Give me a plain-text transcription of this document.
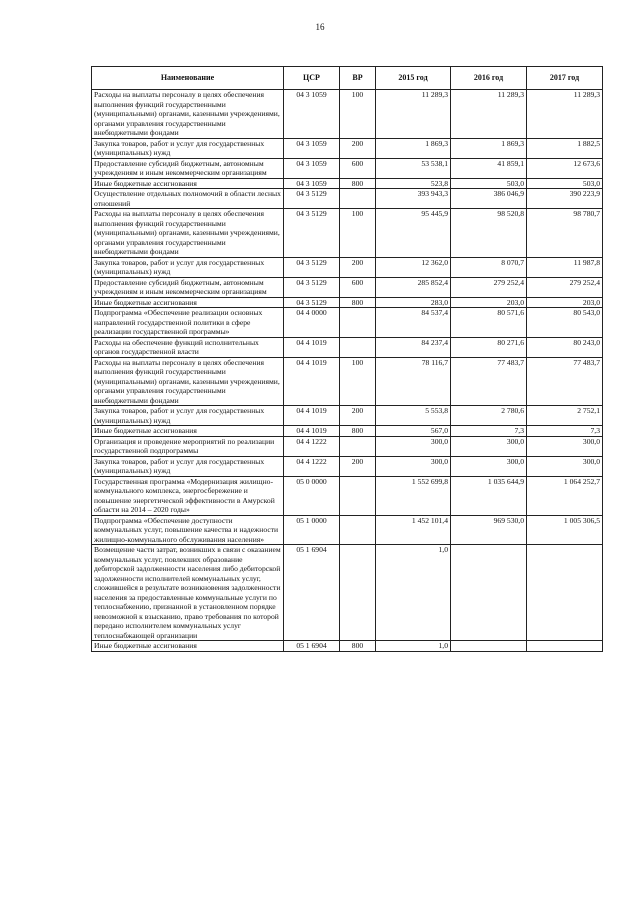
16
Наименование	ЦСР	ВР	2015 год	2016 год	2017 год
Расходы на выплаты персоналу в целях обеспечения выполнения функций государственными (муниципальными) органами, казенными учреждениями, органами управления государственными внебюджетными фондами	04 3 1059	100	11 289,3	11 289,3	11 289,3
Закупка товаров, работ и услуг для государственных (муниципальных) нужд	04 3 1059	200	1 869,3	1 869,3	1 882,5
Предоставление субсидий бюджетным, автономным учреждениям и иным некоммерческим организациям	04 3 1059	600	53 538,1	41 859,1	12 673,6
Иные бюджетные ассигнования	04 3 1059	800	523,8	503,0	503,0
Осуществление отдельных полномочий в области лесных отношений	04 3 5129		393 943,3	386 046,9	390 223,9
Расходы на выплаты персоналу в целях обеспечения выполнения функций государственными (муниципальными) органами, казенными учреждениями, органами управления государственными внебюджетными фондами	04 3 5129	100	95 445,9	98 520,8	98 780,7
Закупка товаров, работ и услуг для государственных (муниципальных) нужд	04 3 5129	200	12 362,0	8 070,7	11 987,8
Предоставление субсидий бюджетным, автономным учреждениям и иным некоммерческим организациям	04 3 5129	600	285 852,4	279 252,4	279 252,4
Иные бюджетные ассигнования	04 3 5129	800	283,0	203,0	203,0
Подпрограмма «Обеспечение реализации основных направлений государственной политики в сфере реализации государственной программы»	04 4 0000		84 537,4	80 571,6	80 543,0
Расходы на обеспечение функций исполнительных органов государственной власти	04 4 1019		84 237,4	80 271,6	80 243,0
Расходы на выплаты персоналу в целях обеспечения выполнения функций государственными (муниципальными) органами, казенными учреждениями, органами управления государственными внебюджетными фондами	04 4 1019	100	78 116,7	77 483,7	77 483,7
Закупка товаров, работ и услуг для государственных (муниципальных) нужд	04 4 1019	200	5 553,8	2 780,6	2 752,1
Иные бюджетные ассигнования	04 4 1019	800	567,0	7,3	7,3
Организация и проведение мероприятий по реализации государственной подпрограммы	04 4 1222		300,0	300,0	300,0
Закупка товаров, работ и услуг для государственных (муниципальных) нужд	04 4 1222	200	300,0	300,0	300,0
Государственная программа «Модернизация жилищно-коммунального комплекса, энергосбережение и повышение энергетической эффективности в Амурской области на 2014 – 2020 годы»	05 0 0000		1 552 699,8	1 035 644,9	1 064 252,7
Подпрограмма «Обеспечение доступности коммунальных услуг, повышение качества и надежности жилищно-коммунального обслуживания населения»	05 1 0000		1 452 101,4	969 530,0	1 005 306,5
Возмещение части затрат, возникших в связи с оказанием коммунальных услуг, повлекших образование дебиторской задолженности населения либо дебиторской задолженности исполнителей коммунальных услуг, сложившейся в результате возникновения задолженности населения за предоставленные коммунальные услуги по теплоснабжению, признанной в установленном порядке невозможной к взысканию, право требования по которой передано исполнителем коммунальных услуг теплоснабжающей организации	05 1 6904		1,0		
Иные бюджетные ассигнования	05 1 6904	800	1,0		
